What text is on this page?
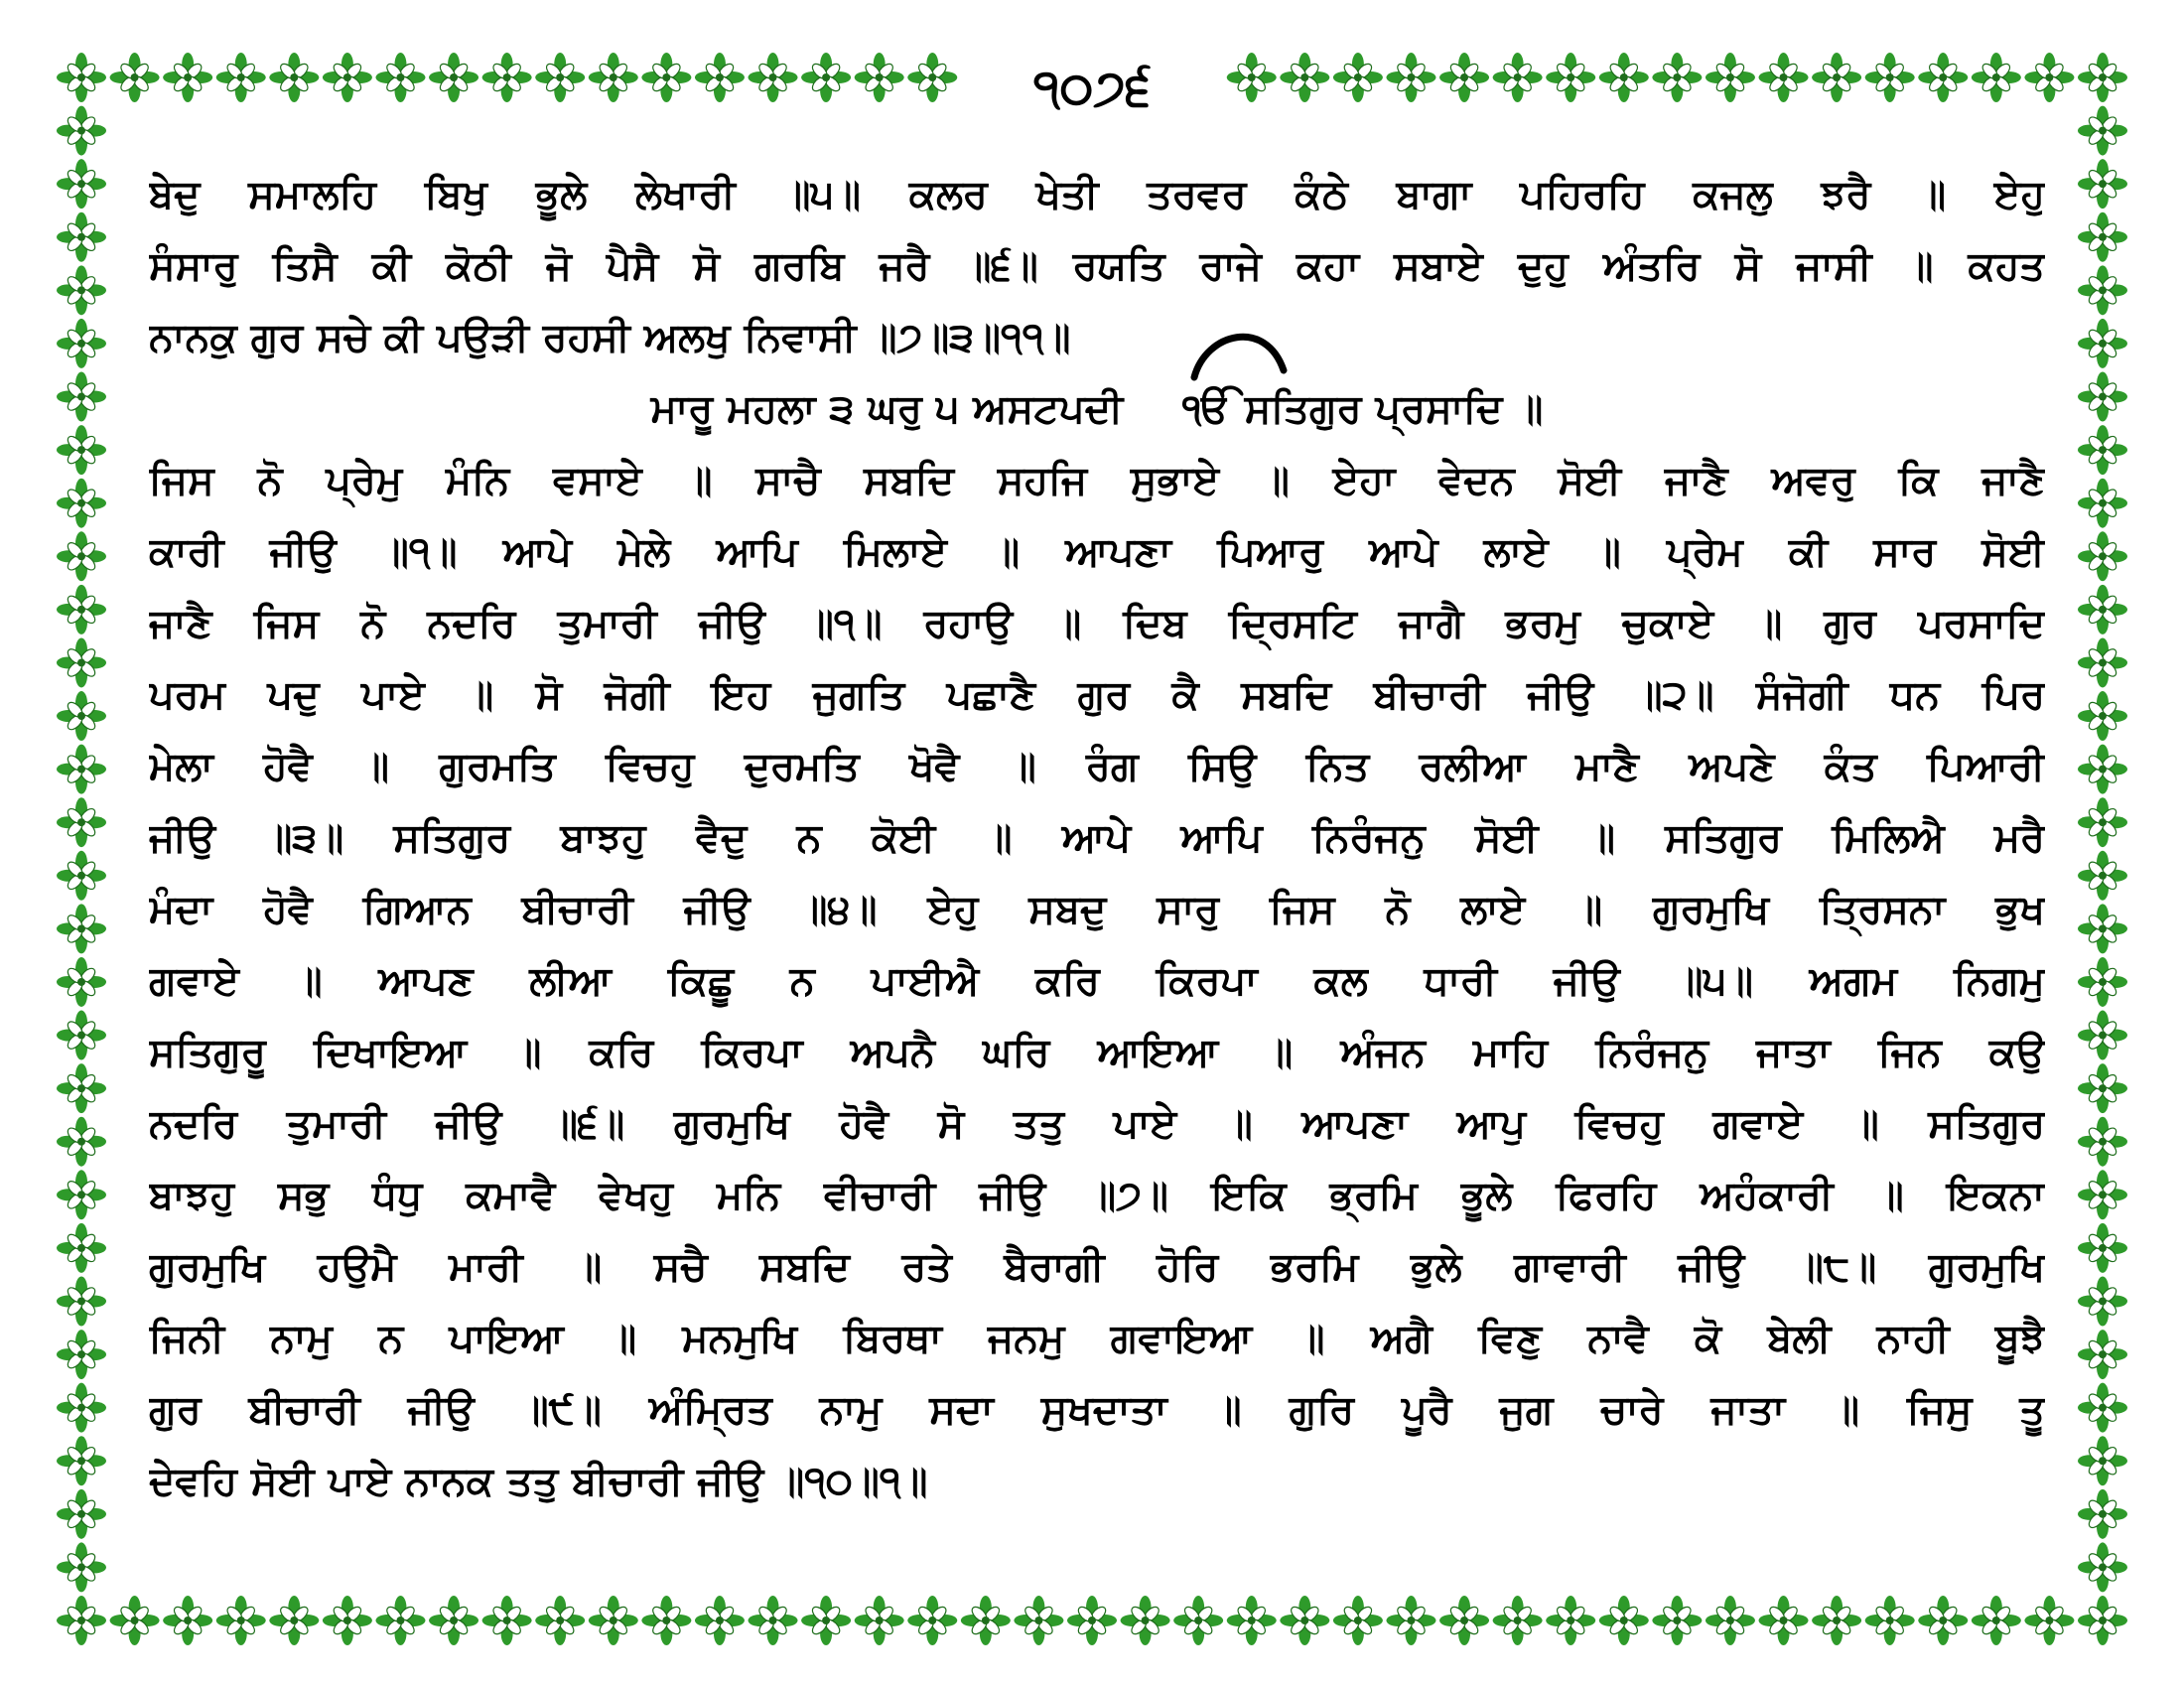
੧੦੭੬
ਬੇਦੁ ਸਮਾਲਹਿ ਬਿਖੁ ਭੂਲੇ ਲੇਖਾਰੀ ॥੫॥ ਕਲਰ ਖੇਤੀ ਤਰਵਰ ਕੰਠੇ ਬਾਗਾ ਪਹਿਰਹਿ ਕਜਲੁ ਝਰੈ ॥ ਏਹੁ
ਸੰਸਾਰੁ ਤਿਸੈ ਕੀ ਕੋਠੀ ਜੋ ਪੈਸੈ ਸੋ ਗਰਬਿ ਜਰੈ ॥੬॥ ਰਯਤਿ ਰਾਜੇ ਕਹਾ ਸਬਾਏ ਦੁਹੁ ਅੰਤਰਿ ਸੋ ਜਾਸੀ ॥ ਕਹਤ
ਨਾਨਕੁ ਗੁਰ ਸਚੇ ਕੀ ਪਉੜੀ ਰਹਸੀ ਅਲਖੁ ਨਿਵਾਸੀ ॥੭॥੩॥੧੧॥
ਮਾਰੂ ਮਹਲਾ ੩ ਘਰੁ ੫ ਅਸਟਪਦੀ ੴ ਸਤਿਗੁਰ ਪ੍ਰਸਾਦਿ ॥
ਜਿਸ ਨੋ ਪ੍ਰੇਮੁ ਮੰਨਿ ਵਸਾਏ ॥ ਸਾਚੈ ਸਬਦਿ ਸਹਜਿ ਸੁਭਾਏ ॥ ਏਹਾ ਵੇਦਨ ਸੋਈ ਜਾਣੈ ਅਵਰੁ ਕਿ ਜਾਣੈ
ਕਾਰੀ ਜੀਉ ॥੧॥ ਆਪੇ ਮੇਲੇ ਆਪਿ ਮਿਲਾਏ ॥ ਆਪਣਾ ਪਿਆਰੁ ਆਪੇ ਲਾਏ ॥ ਪ੍ਰੇਮ ਕੀ ਸਾਰ ਸੋਈ
ਜਾਣੈ ਜਿਸ ਨੋ ਨਦਰਿ ਤੁਮਾਰੀ ਜੀਉ ॥੧॥ ਰਹਾਉ ॥ ਦਿਬ ਦ੍ਰਿਸਟਿ ਜਾਗੈ ਭਰਮੁ ਚੁਕਾਏ ॥ ਗੁਰ ਪਰਸਾਦਿ
ਪਰਮ ਪਦੁ ਪਾਏ ॥ ਸੋ ਜੋਗੀ ਇਹ ਜੁਗਤਿ ਪਛਾਣੈ ਗੁਰ ਕੈ ਸਬਦਿ ਬੀਚਾਰੀ ਜੀਉ ॥੨॥ ਸੰਜੋਗੀ ਧਨ ਪਿਰ
ਮੇਲਾ ਹੋਵੈ ॥ ਗੁਰਮਤਿ ਵਿਚਹੁ ਦੁਰਮਤਿ ਖੋਵੈ ॥ ਰੰਗ ਸਿਉ ਨਿਤ ਰਲੀਆ ਮਾਣੈ ਅਪਣੇ ਕੰਤ ਪਿਆਰੀ
ਜੀਉ ॥੩॥ ਸਤਿਗੁਰ ਬਾਝਹੁ ਵੈਦੁ ਨ ਕੋਈ ॥ ਆਪੇ ਆਪਿ ਨਿਰੰਜਨੁ ਸੋਈ ॥ ਸਤਿਗੁਰ ਮਿਲਿਐ ਮਰੈ
ਮੰਦਾ ਹੋਵੈ ਗਿਆਨ ਬੀਚਾਰੀ ਜੀਉ ॥੪॥ ਏਹੁ ਸਬਦੁ ਸਾਰੁ ਜਿਸ ਨੋ ਲਾਏ ॥ ਗੁਰਮੁਖਿ ਤ੍ਰਿਸਨਾ ਭੁਖ
ਗਵਾਏ ॥ ਆਪਣ ਲੀਆ ਕਿਛੂ ਨ ਪਾਈਐ ਕਰਿ ਕਿਰਪਾ ਕਲ ਧਾਰੀ ਜੀਉ ॥੫॥ ਅਗਮ ਨਿਗਮੁ
ਸਤਿਗੁਰੂ ਦਿਖਾਇਆ ॥ ਕਰਿ ਕਿਰਪਾ ਅਪਨੈ ਘਰਿ ਆਇਆ ॥ ਅੰਜਨ ਮਾਹਿ ਨਿਰੰਜਨੁ ਜਾਤਾ ਜਿਨ ਕਉ
ਨਦਰਿ ਤੁਮਾਰੀ ਜੀਉ ॥੬॥ ਗੁਰਮੁਖਿ ਹੋਵੈ ਸੋ ਤਤੁ ਪਾਏ ॥ ਆਪਣਾ ਆਪੁ ਵਿਚਹੁ ਗਵਾਏ ॥ ਸਤਿਗੁਰ
ਬਾਝਹੁ ਸਭੁ ਧੰਧੁ ਕਮਾਵੈ ਵੇਖਹੁ ਮਨਿ ਵੀਚਾਰੀ ਜੀਉ ॥੭॥ ਇਕਿ ਭ੍ਰਮਿ ਭੂਲੇ ਫਿਰਹਿ ਅਹੰਕਾਰੀ ॥ ਇਕਨਾ
ਗੁਰਮੁਖਿ ਹਉਮੈ ਮਾਰੀ ॥ ਸਚੈ ਸਬਦਿ ਰਤੇ ਬੈਰਾਗੀ ਹੋਰਿ ਭਰਮਿ ਭੁਲੇ ਗਾਵਾਰੀ ਜੀਉ ॥੮॥ ਗੁਰਮੁਖਿ
ਜਿਨੀ ਨਾਮੁ ਨ ਪਾਇਆ ॥ ਮਨਮੁਖਿ ਬਿਰਥਾ ਜਨਮੁ ਗਵਾਇਆ ॥ ਅਗੈ ਵਿਣੁ ਨਾਵੈ ਕੋ ਬੇਲੀ ਨਾਹੀ ਬੂਝੈ
ਗੁਰ ਬੀਚਾਰੀ ਜੀਉ ॥੯॥ ਅੰਮ੍ਰਿਤ ਨਾਮੁ ਸਦਾ ਸੁਖਦਾਤਾ ॥ ਗੁਰਿ ਪੂਰੈ ਜੁਗ ਚਾਰੇ ਜਾਤਾ ॥ ਜਿਸੁ ਤੂ
ਦੇਵਹਿ ਸੋਈ ਪਾਏ ਨਾਨਕ ਤਤੁ ਬੀਚਾਰੀ ਜੀਉ ॥੧੦॥੧॥
